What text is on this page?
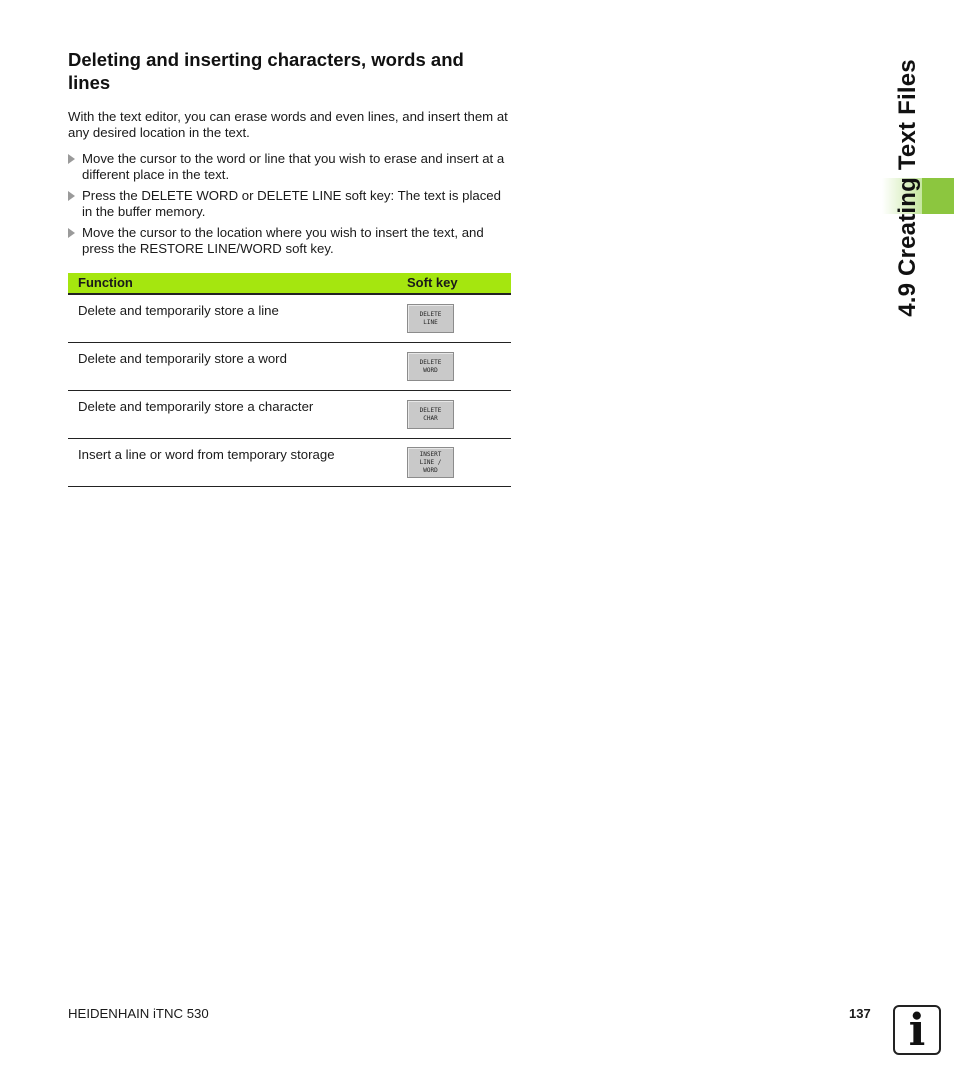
Deleting and inserting characters, words and lines

With the text editor, you can erase words and even lines, and insert them at any desired location in the text.

Move the cursor to the word or line that you wish to erase and insert at a different place in the text.
Press the DELETE WORD or DELETE LINE soft key: The text is placed in the buffer memory.
Move the cursor to the location where you wish to insert the text, and press the RESTORE LINE/WORD soft key.
Function	Soft key
Delete and temporarily store a line	DELETE
LINE
Delete and temporarily store a word	DELETE
WORD
Delete and temporarily store a character	DELETE
CHAR
Insert a line or word from temporary storage	INSERT
LINE /
WORD
4.9 Creating Text Files
HEIDENHAIN iTNC 530	137 i
